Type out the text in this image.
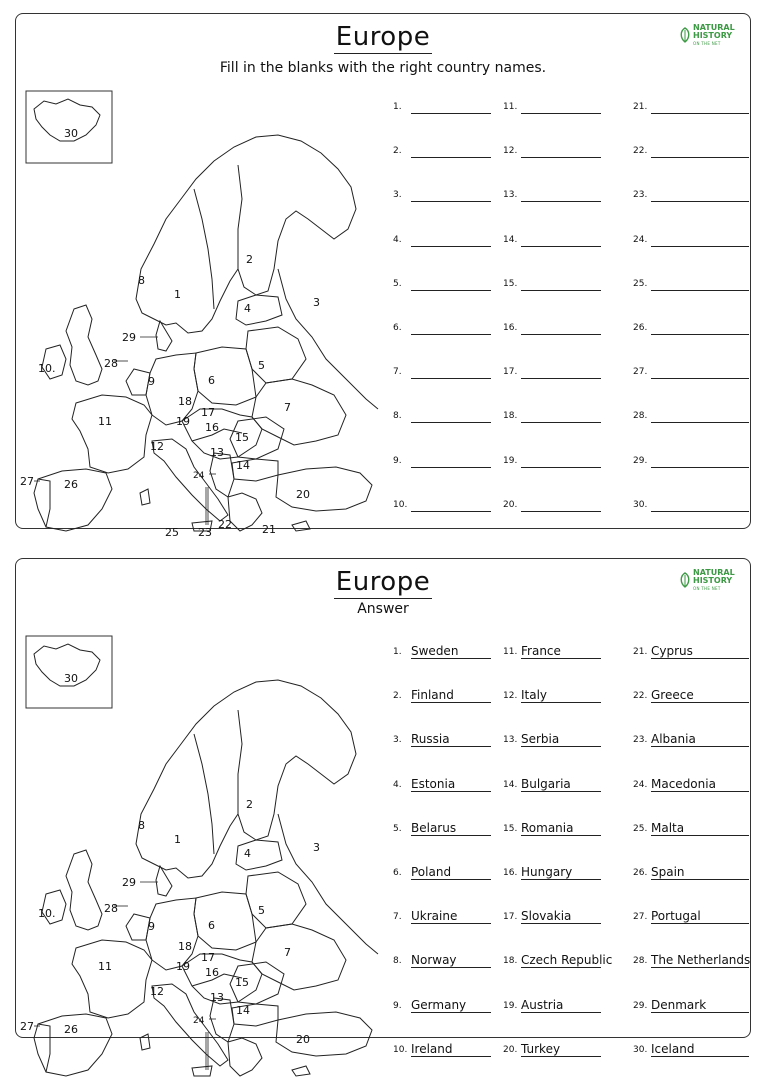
Europe
Fill in the blanks with the right country names.
NATURAL
HISTORY
ON THE NET
30
8
1
2
3
4
29
10.	28
9	6
5
7
11
18
17
19 16
15
12	13
14
24
20
26
27
25 23
22	21
1.
2.
3.
4.
5.
6.
7.
8.
9.
10.
11.
12.
13.
14.
15.
16.
17.
18.
19.
20.
21.
22.
23.
24.
25.
26.
27.
28.
29.
30.
Europe
Answer
NATURAL
HISTORY
ON THE NET
30
8
1
2
3
4
29
10.	28
9	6
5
7
11
18
17
19 16
15
12	13
14
24
20
26
27
1. Sweden
2. Finland
3. Russia
4. Estonia
5. Belarus
6. Poland
7. Ukraine
8. Norway
9. Germany
10. Ireland
11. France
12. Italy
13. Serbia
14. Bulgaria
15. Romania
16. Hungary
17. Slovakia
18. Czech Republic
19. Austria
20. Turkey
21. Cyprus
22. Greece
23. Albania
24. Macedonia
25. Malta
26. Spain
27. Portugal
28. The Netherlands
29. Denmark
30. Iceland
